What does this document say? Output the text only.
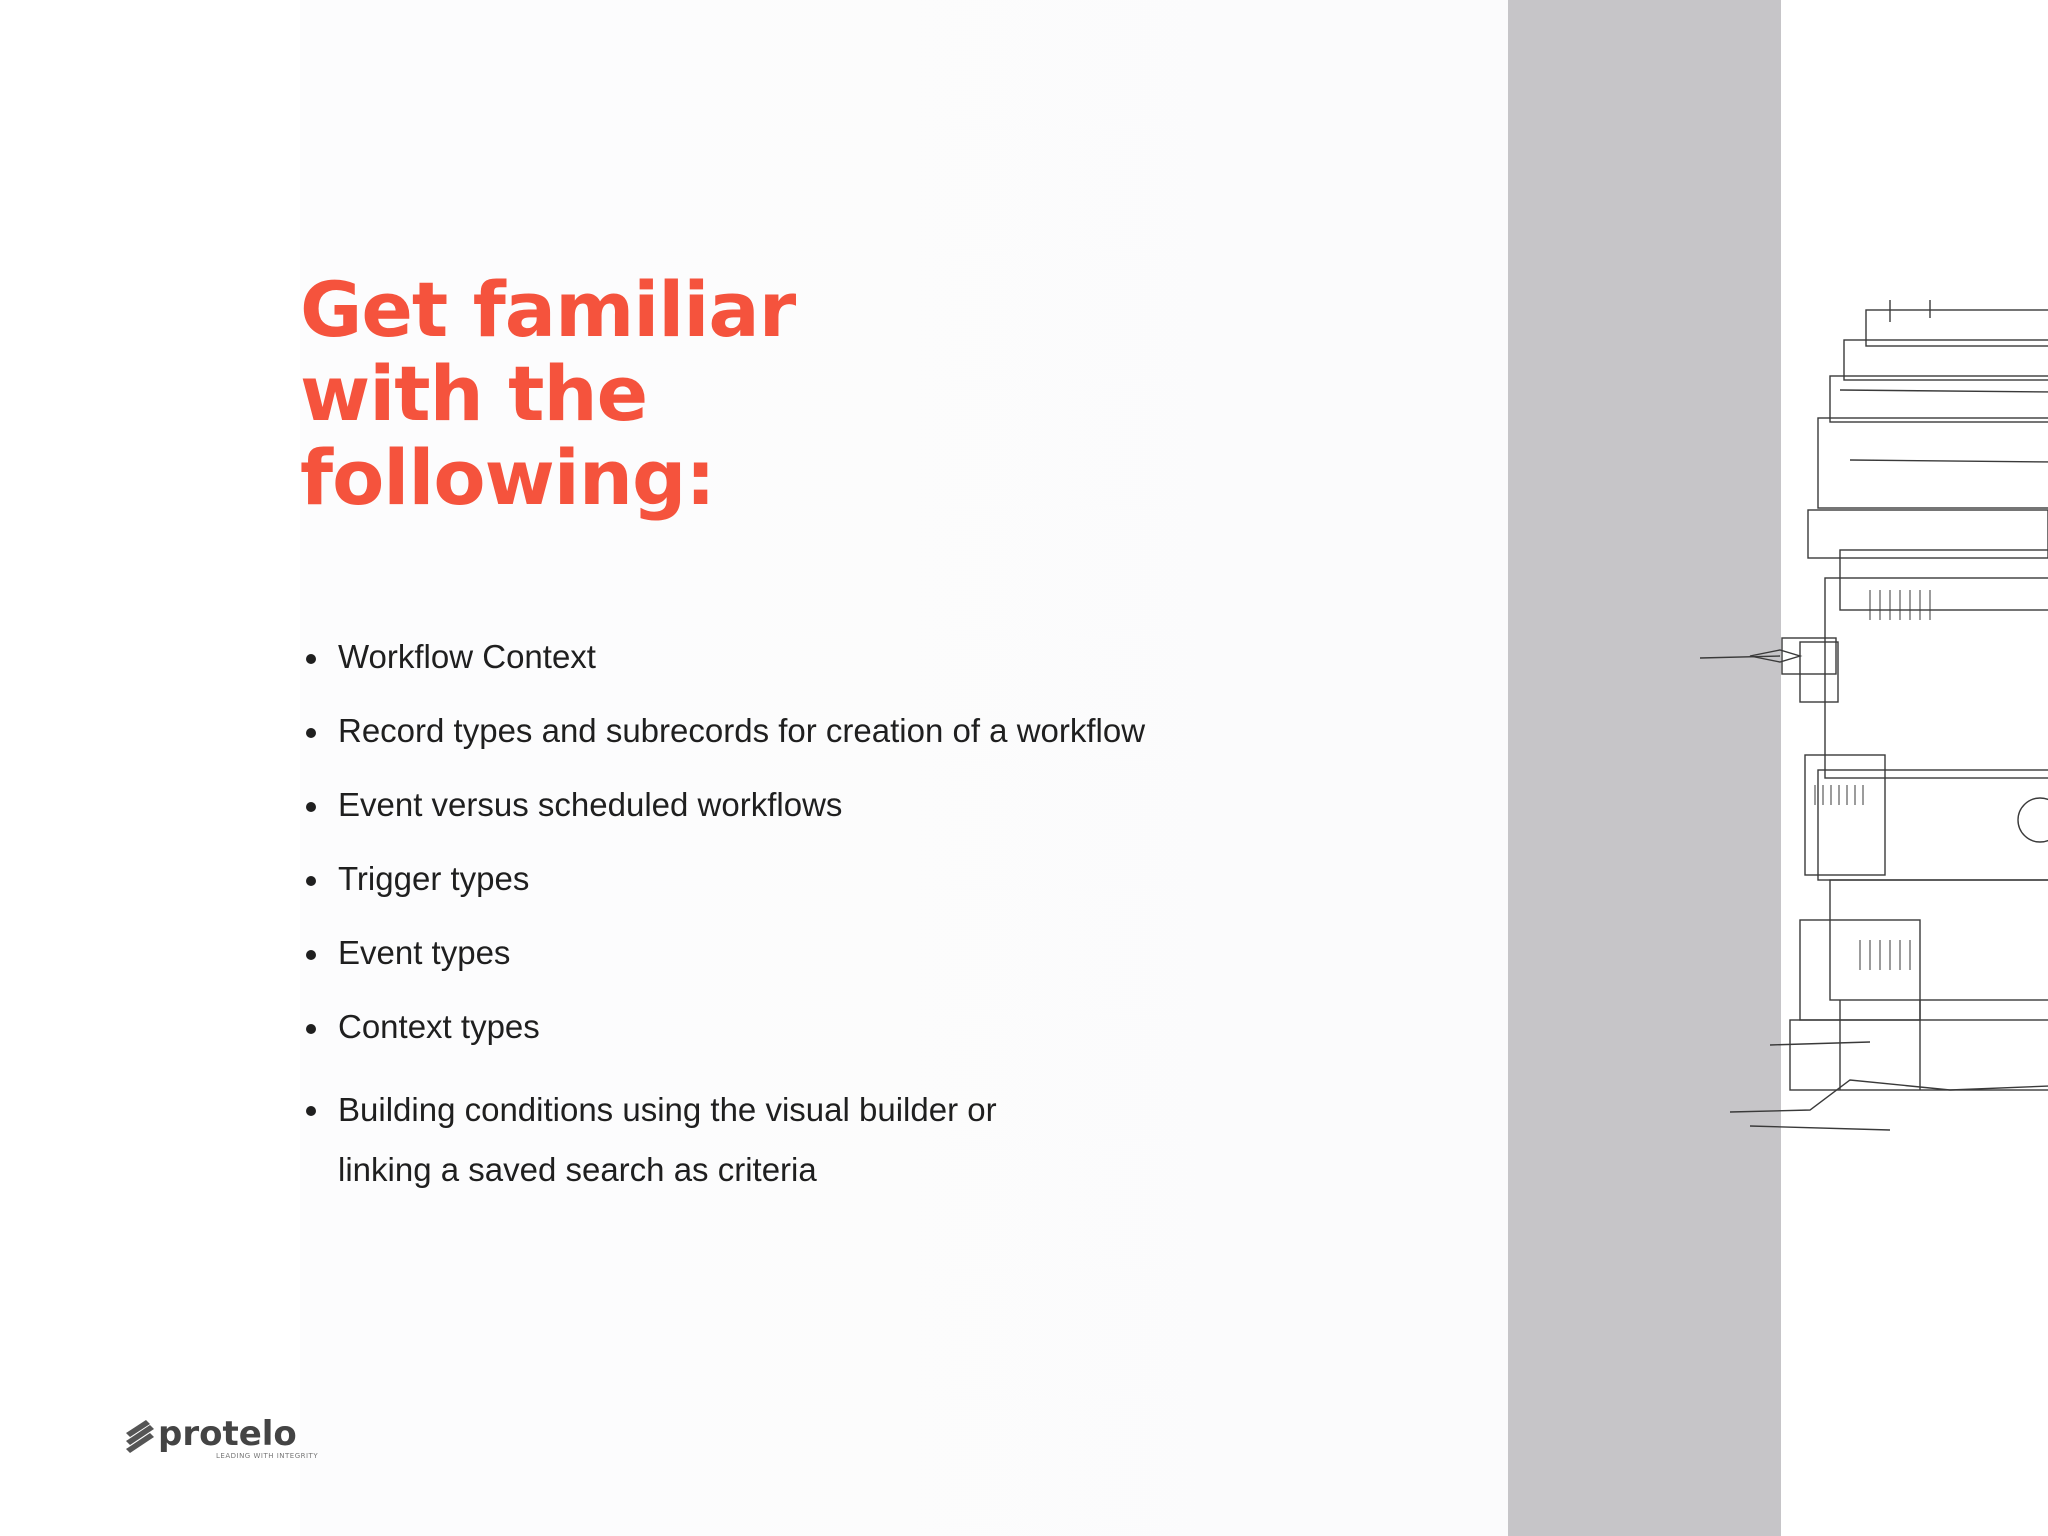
Get familiar
with the
following:
Workflow Context
Record types and subrecords for creation of a workflow
Event versus scheduled workflows
Trigger types
Event types
Context types
Building conditions using the visual builder or
linking a saved search as criteria
protelo
LEADING WITH INTEGRITY
